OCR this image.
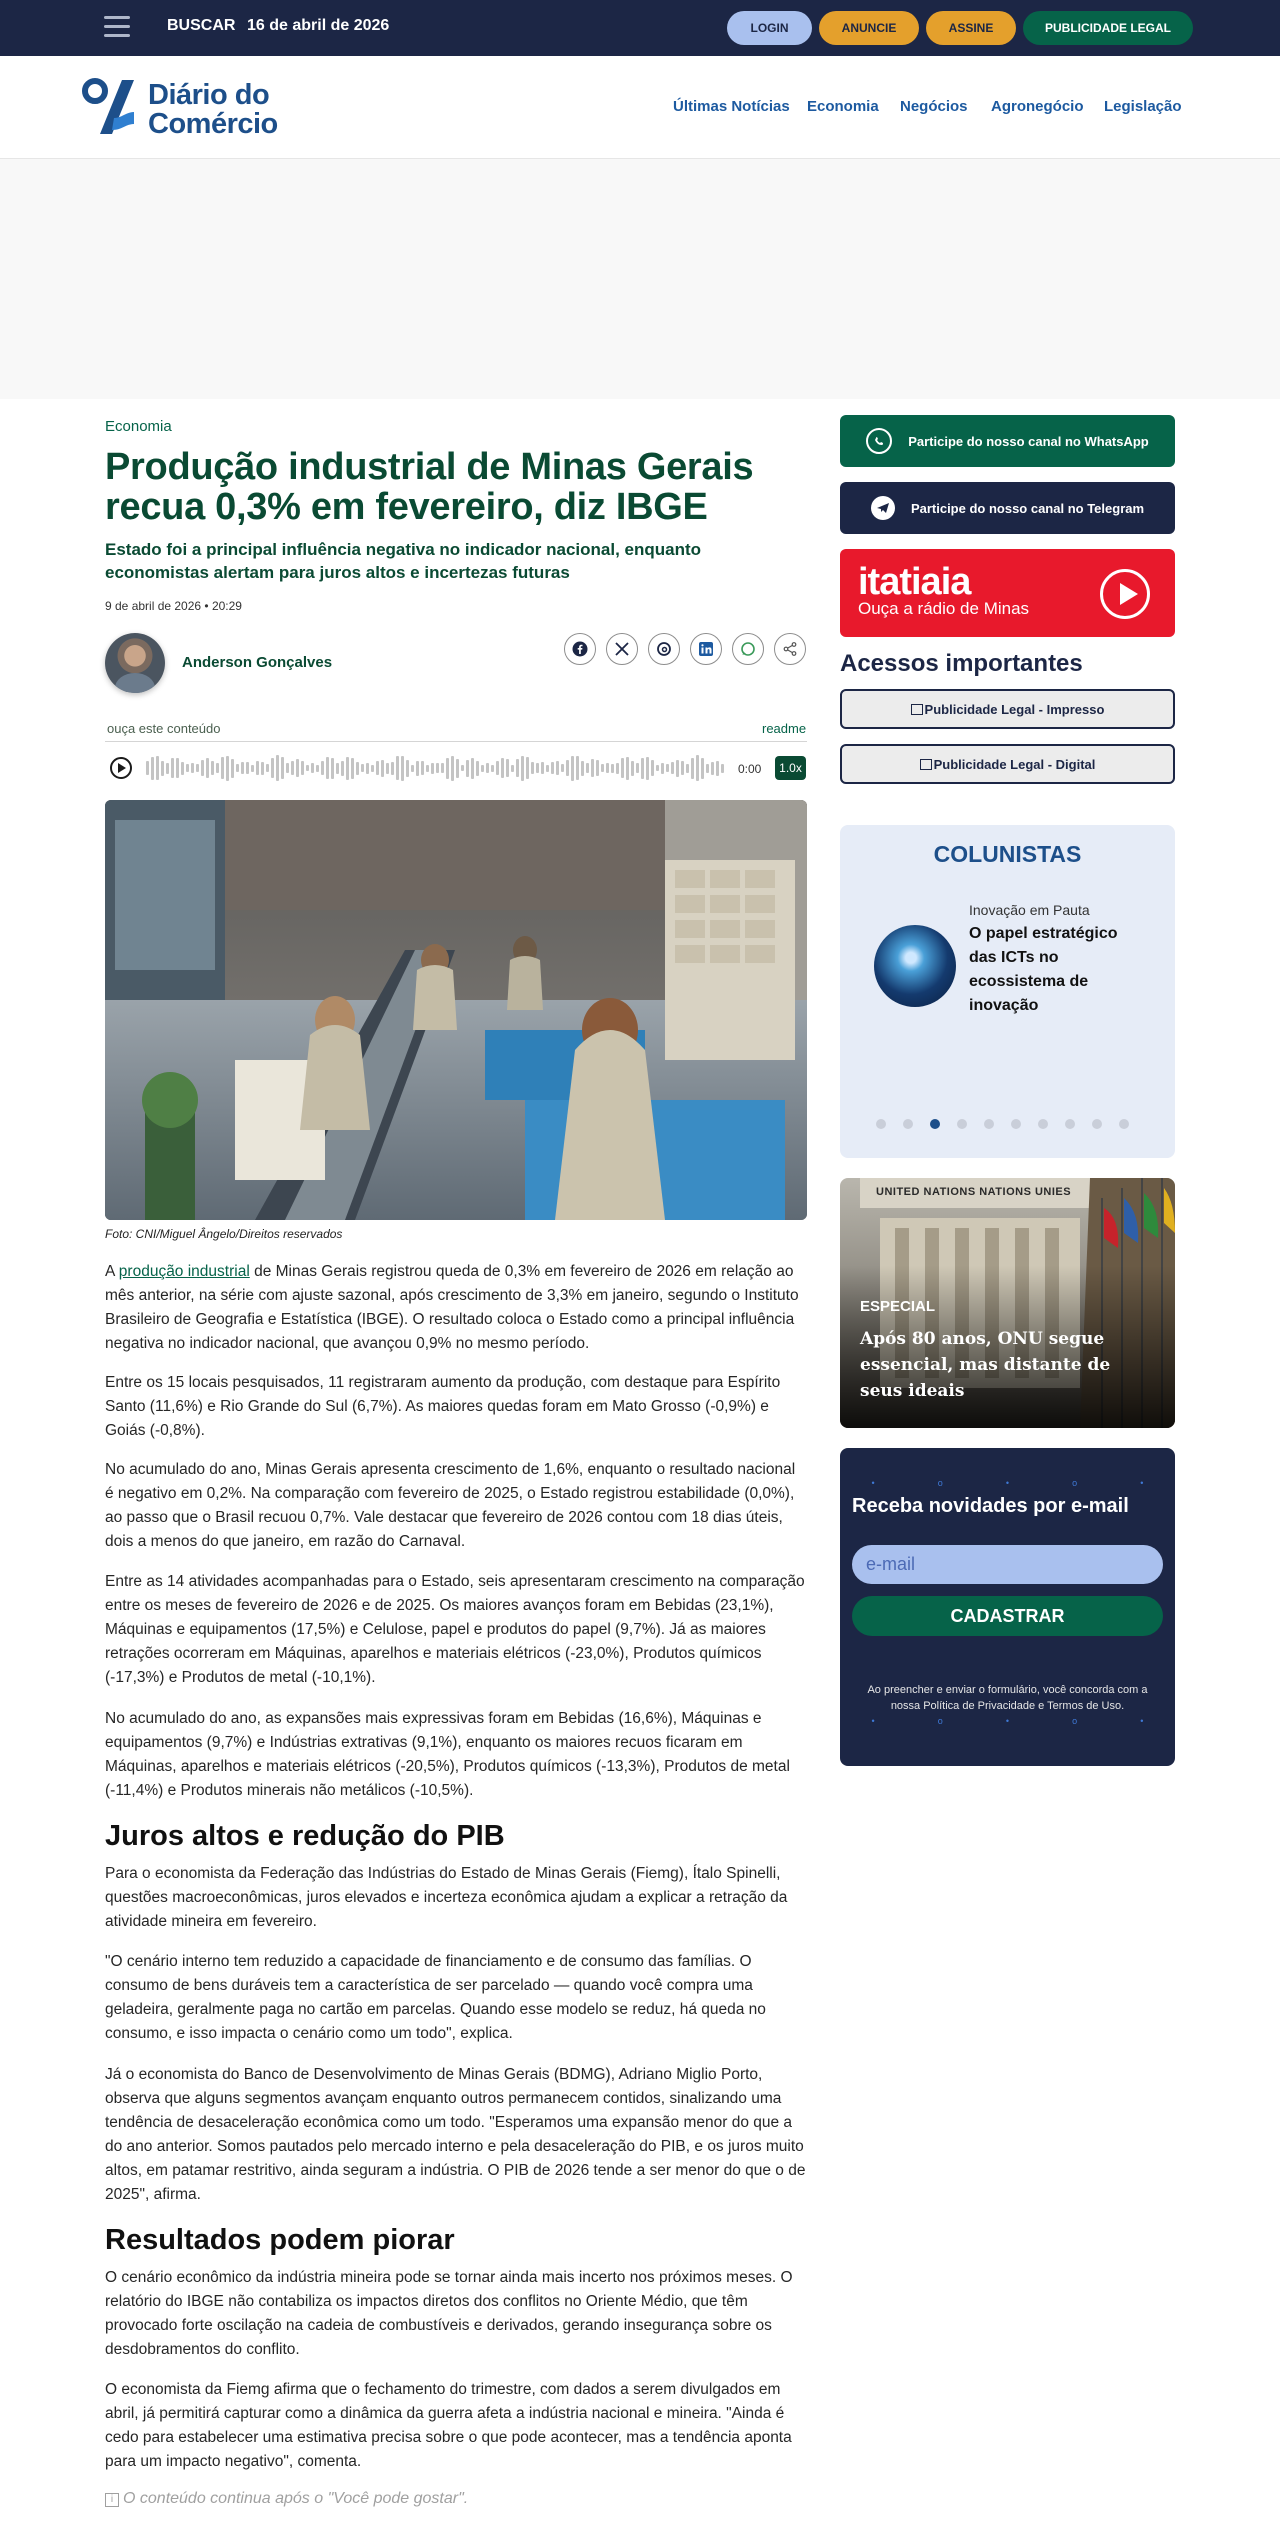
BUSCAR 16 de abril de 2026	LOGIN	ANUNCIE	ASSINE	PUBLICIDADE LEGAL
Diário do
Comércio
Últimas Notícias Economia Negócios Agronegócio Legislação
Economia
Produção industrial de Minas Gerais recua 0,3% em fevereiro, diz IBGE
Estado foi a principal influência negativa no indicador nacional, enquanto economistas alertam para juros altos e incertezas futuras
9 de abril de 2026 • 20:29
Anderson Gonçalves
ouça este conteúdo	readme
0:00	1.0x
Foto: CNI/Miguel Ângelo/Direitos reservados

A produção industrial de Minas Gerais registrou queda de 0,3% em fevereiro de 2026 em relação ao mês anterior, na série com ajuste sazonal, após crescimento de 3,3% em janeiro, segundo o Instituto Brasileiro de Geografia e Estatística (IBGE). O resultado coloca o Estado como a principal influência negativa no indicador nacional, que avançou 0,9% no mesmo período.

Entre os 15 locais pesquisados, 11 registraram aumento da produção, com destaque para Espírito Santo (11,6%) e Rio Grande do Sul (6,7%). As maiores quedas foram em Mato Grosso (-0,9%) e Goiás (-0,8%).

No acumulado do ano, Minas Gerais apresenta crescimento de 1,6%, enquanto o resultado nacional é negativo em 0,2%. Na comparação com fevereiro de 2025, o Estado registrou estabilidade (0,0%), ao passo que o Brasil recuou 0,7%. Vale destacar que fevereiro de 2026 contou com 18 dias úteis, dois a menos do que janeiro, em razão do Carnaval.

Entre as 14 atividades acompanhadas para o Estado, seis apresentaram crescimento na comparação entre os meses de fevereiro de 2026 e de 2025. Os maiores avanços foram em Bebidas (23,1%), Máquinas e equipamentos (17,5%) e Celulose, papel e produtos do papel (9,7%). Já as maiores retrações ocorreram em Máquinas, aparelhos e materiais elétricos (-23,0%), Produtos químicos (-17,3%) e Produtos de metal (-10,1%).

No acumulado do ano, as expansões mais expressivas foram em Bebidas (16,6%), Máquinas e equipamentos (9,7%) e Indústrias extrativas (9,1%), enquanto os maiores recuos ficaram em Máquinas, aparelhos e materiais elétricos (-20,5%), Produtos químicos (-13,3%), Produtos de metal (-11,4%) e Produtos minerais não metálicos (-10,5%).

Juros altos e redução do PIB

Para o economista da Federação das Indústrias do Estado de Minas Gerais (Fiemg), Ítalo Spinelli, questões macroeconômicas, juros elevados e incerteza econômica ajudam a explicar a retração da atividade mineira em fevereiro.

"O cenário interno tem reduzido a capacidade de financiamento e de consumo das famílias. O consumo de bens duráveis tem a característica de ser parcelado — quando você compra uma geladeira, geralmente paga no cartão em parcelas. Quando esse modelo se reduz, há queda no consumo, e isso impacta o cenário como um todo", explica.

Já o economista do Banco de Desenvolvimento de Minas Gerais (BDMG), Adriano Miglio Porto, observa que alguns segmentos avançam enquanto outros permanecem contidos, sinalizando uma tendência de desaceleração econômica como um todo. "Esperamos uma expansão menor do que a do ano anterior. Somos pautados pelo mercado interno e pela desaceleração do PIB, e os juros muito altos, em patamar restritivo, ainda seguram a indústria. O PIB de 2026 tende a ser menor do que o de 2025", afirma.

Resultados podem piorar

O cenário econômico da indústria mineira pode se tornar ainda mais incerto nos próximos meses. O relatório do IBGE não contabiliza os impactos diretos dos conflitos no Oriente Médio, que têm provocado forte oscilação na cadeia de combustíveis e derivados, gerando insegurança sobre os desdobramentos do conflito.

O economista da Fiemg afirma que o fechamento do trimestre, com dados a serem divulgados em abril, já permitirá capturar como a dinâmica da guerra afeta a indústria nacional e mineira. "Ainda é cedo para estabelecer uma estimativa precisa sobre o que pode acontecer, mas a tendência aponta para um impacto negativo", comenta.

i O conteúdo continua após o "Você pode gostar".
Participe do nosso canal no WhatsApp
Participe do nosso canal no Telegram
itatiaia
Ouça a rádio de Minas
Acessos importantes
Publicidade Legal - Impresso
Publicidade Legal - Digital
COLUNISTAS
Inovação em Pauta
O papel estratégico das ICTs no ecossistema de inovação
UNITED NATIONS NATIONS UNIES
ESPECIAL
Após 80 anos, ONU segue essencial, mas distante de seus ideais
•	o	•	o	•
Receba novidades por e-mail
e-mail
CADASTRAR
Ao preencher e enviar o formulário, você concorda com a nossa Política de Privacidade e Termos de Uso.
•	o	•	o	•
